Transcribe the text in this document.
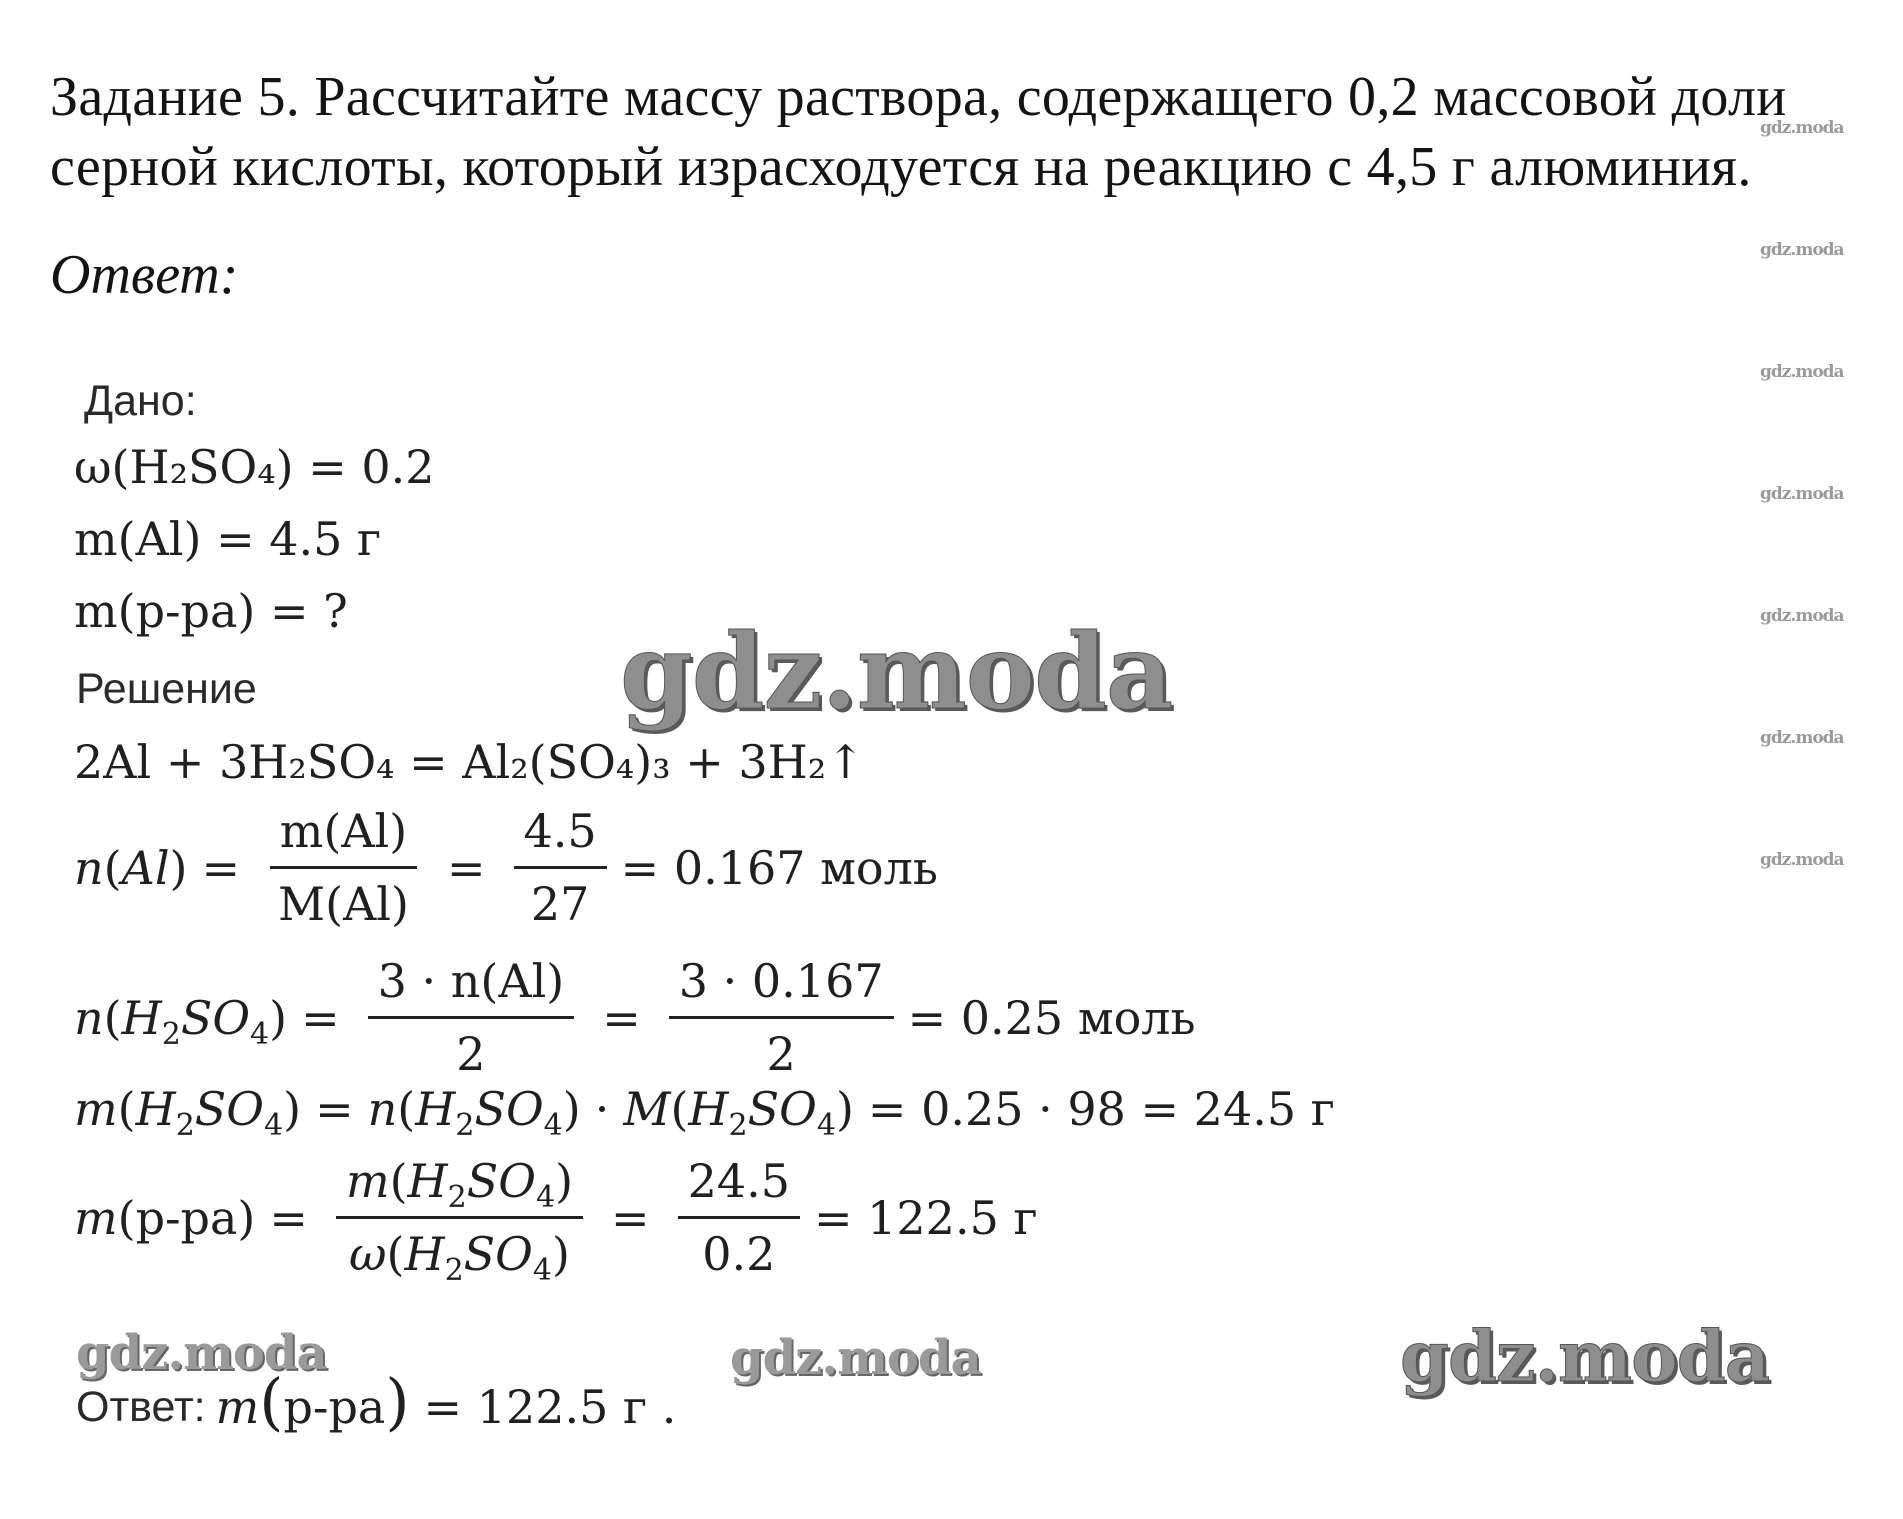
Задание 5. Рассчитайте массу раствора, содержащего 0,2 массовой доли
серной кислоты, который израсходуется на реакцию с 4,5 г алюминия.
Ответ:
Дано:
ω(H₂SO₄) = 0.2
m(Al) = 4.5 г
m(р-ра) = ?
Решение
2Al + 3H₂SO₄ = Al₂(SO₄)₃ + 3H₂↑
$n(Al) = \frac{m(Al)}{M(Al)} = \frac{4.5}{27} = 0.167$ моль
$n(H_2SO_4) = \frac{3 \cdot n(Al)}{2} = \frac{3 \cdot 0.167}{2} = 0.25$ моль
$m(H_2SO_4) = n(H_2SO_4) \cdot M(H_2SO_4) = 0.25 \cdot 98 = 24.5$ г
$m(р-ра) = \frac{m(H_2SO_4)}{\omega(H_2SO_4)} = \frac{24.5}{0.2} = 122.5$ г
Ответ: m(р-ра) = 122.5 г .
gdz.moda
gdz.moda
gdz.moda
gdz.moda
gdz.moda
gdz.moda
gdz.moda
gdz.moda
gdz.moda	gdz.moda	gdz.moda
